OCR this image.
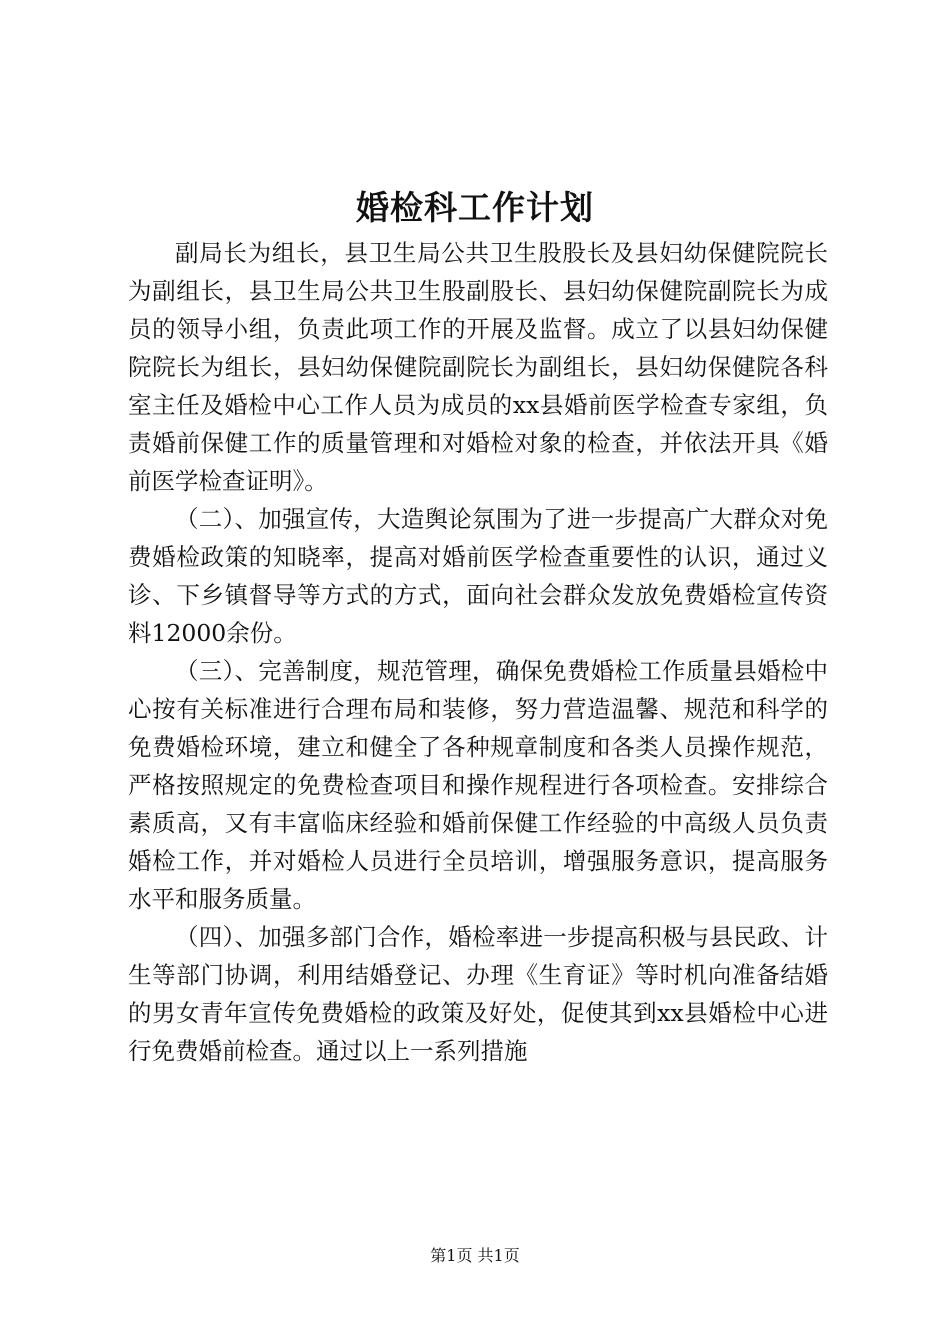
婚检科工作计划

副局长为组长，县卫生局公共卫生股股长及县妇幼保健院院长为副组长，县卫生局公共卫生股副股长、县妇幼保健院副院长为成员的领导小组，负责此项工作的开展及监督。成立了以县妇幼保健院院长为组长，县妇幼保健院副院长为副组长，县妇幼保健院各科室主任及婚检中心工作人员为成员的xx县婚前医学检查专家组，负责婚前保健工作的质量管理和对婚检对象的检查，并依法开具《婚前医学检查证明》。

（二）、加强宣传，大造舆论氛围为了进一步提高广大群众对免费婚检政策的知晓率，提高对婚前医学检查重要性的认识，通过义诊、下乡镇督导等方式的方式，面向社会群众发放免费婚检宣传资料12000余份。

（三）、完善制度，规范管理，确保免费婚检工作质量县婚检中心按有关标准进行合理布局和装修，努力营造温馨、规范和科学的免费婚检环境，建立和健全了各种规章制度和各类人员操作规范，严格按照规定的免费检查项目和操作规程进行各项检查。安排综合素质高，又有丰富临床经验和婚前保健工作经验的中高级人员负责婚检工作，并对婚检人员进行全员培训，增强服务意识，提高服务水平和服务质量。

（四）、加强多部门合作，婚检率进一步提高积极与县民政、计生等部门协调，利用结婚登记、办理《生育证》等时机向准备结婚的男女青年宣传免费婚检的政策及好处，促使其到xx县婚检中心进行免费婚前检查。通过以上一系列措施

第1页 共1页
